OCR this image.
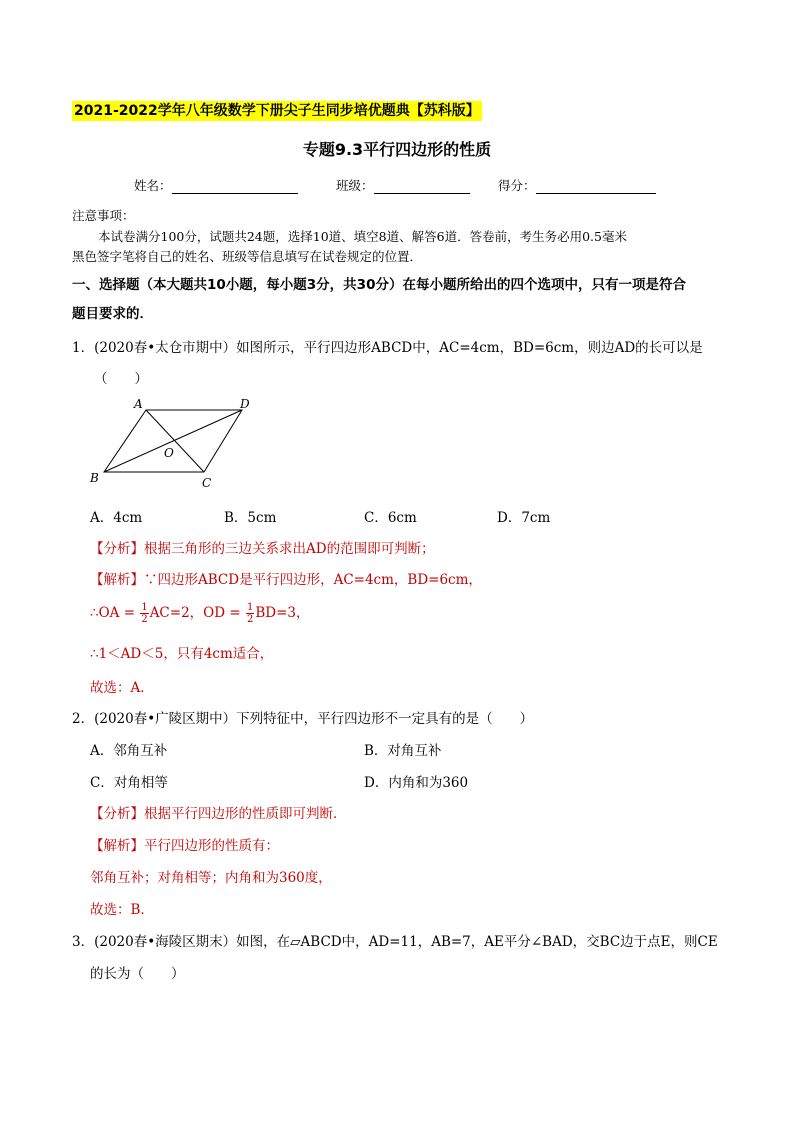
2021-2022学年八年级数学下册尖子生同步培优题典【苏科版】
专题9.3平行四边形的性质
姓名：	班级：	得分：
注意事项：
本试卷满分100分，试题共24题，选择10道、填空8道、解答6道．答卷前，考生务必用0.5毫米
黑色签字笔将自己的姓名、班级等信息填写在试卷规定的位置．
一、选择题（本大题共10小题，每小题3分，共30分）在每小题所给出的四个选项中，只有一项是符合
题目要求的．
1．(2020春•太仓市期中）如图所示，平行四边形ABCD中，AC=4cm，BD=6cm，则边AD的长可以是
（　　）
A	D
B	C
O
A．4cm	B．5cm	C．6cm	D．7cm
【分析】根据三角形的三边关系求出AD的范围即可判断；
【解析】∵四边形ABCD是平行四边形，AC=4cm，BD=6cm，
∴OA = $\frac{1}{2} AC=2$，OD = $\frac{1}{2} BD=3$，
∴1＜AD＜5，只有4cm适合，
故选：A．
2．(2020春•广陵区期中）下列特征中，平行四边形不一定具有的是（　　）
A．邻角互补	B．对角互补
C．对角相等	D．内角和为360
【分析】根据平行四边形的性质即可判断．
【解析】平行四边形的性质有：
邻角互补；对角相等；内角和为360度，
故选：B．
3．(2020春•海陵区期末）如图，在▱ABCD中，AD=11，AB=7，AE平分∠BAD，交BC边于点E，则CE
的长为（　　）
